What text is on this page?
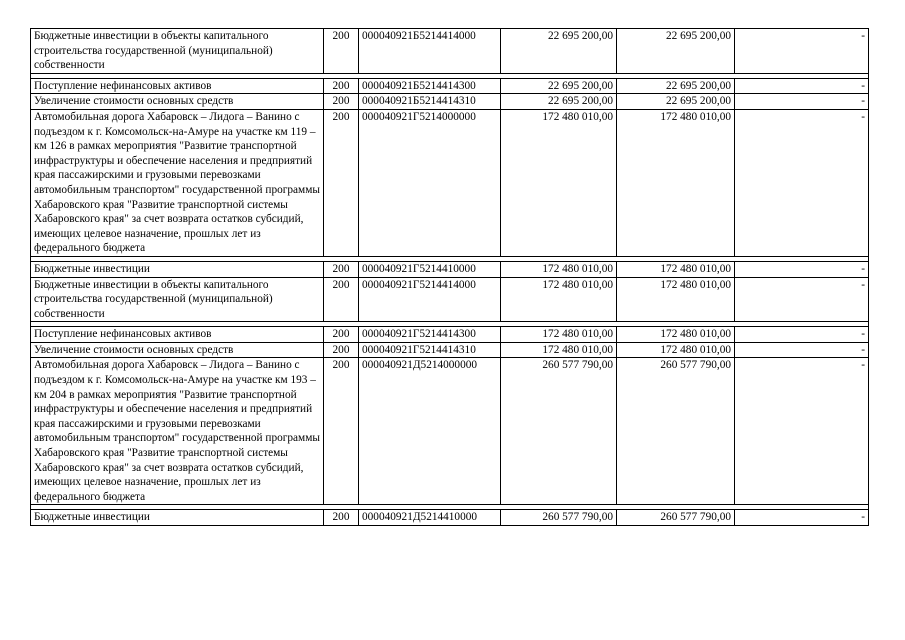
Бюджетные инвестиции в объекты капитального строительства государственной (муниципальной) собственности	200	000040921Б5214414000	22 695 200,00	22 695 200,00	-

Поступление нефинансовых активов	200	000040921Б5214414300	22 695 200,00	22 695 200,00	-
Увеличение стоимости основных средств	200	000040921Б5214414310	22 695 200,00	22 695 200,00	-
Автомобильная дорога Хабаровск – Лидога – Ванино с подъездом к г. Комсомольск-на-Амуре на участке км 119 – км 126 в рамках мероприятия "Развитие транспортной инфраструктуры и обеспечение населения и предприятий края пассажирскими и грузовыми перевозками автомобильным транспортом" государственной программы Хабаровского края "Развитие транспортной системы Хабаровского края" за счет возврата остатков субсидий, имеющих целевое назначение, прошлых лет из федерального бюджета	200	000040921Г5214000000	172 480 010,00	172 480 010,00	-

Бюджетные инвестиции	200	000040921Г5214410000	172 480 010,00	172 480 010,00	-
Бюджетные инвестиции в объекты капитального строительства государственной (муниципальной) собственности	200	000040921Г5214414000	172 480 010,00	172 480 010,00	-

Поступление нефинансовых активов	200	000040921Г5214414300	172 480 010,00	172 480 010,00	-
Увеличение стоимости основных средств	200	000040921Г5214414310	172 480 010,00	172 480 010,00	-
Автомобильная дорога Хабаровск – Лидога – Ванино с подъездом к г. Комсомольск-на-Амуре на участке км 193 – км 204 в рамках мероприятия "Развитие транспортной инфраструктуры и обеспечение населения и предприятий края пассажирскими и грузовыми перевозками автомобильным транспортом" государственной программы Хабаровского края "Развитие транспортной системы Хабаровского края" за счет возврата остатков субсидий, имеющих целевое назначение, прошлых лет из федерального бюджета	200	000040921Д5214000000	260 577 790,00	260 577 790,00	-

Бюджетные инвестиции	200	000040921Д5214410000	260 577 790,00	260 577 790,00	-
